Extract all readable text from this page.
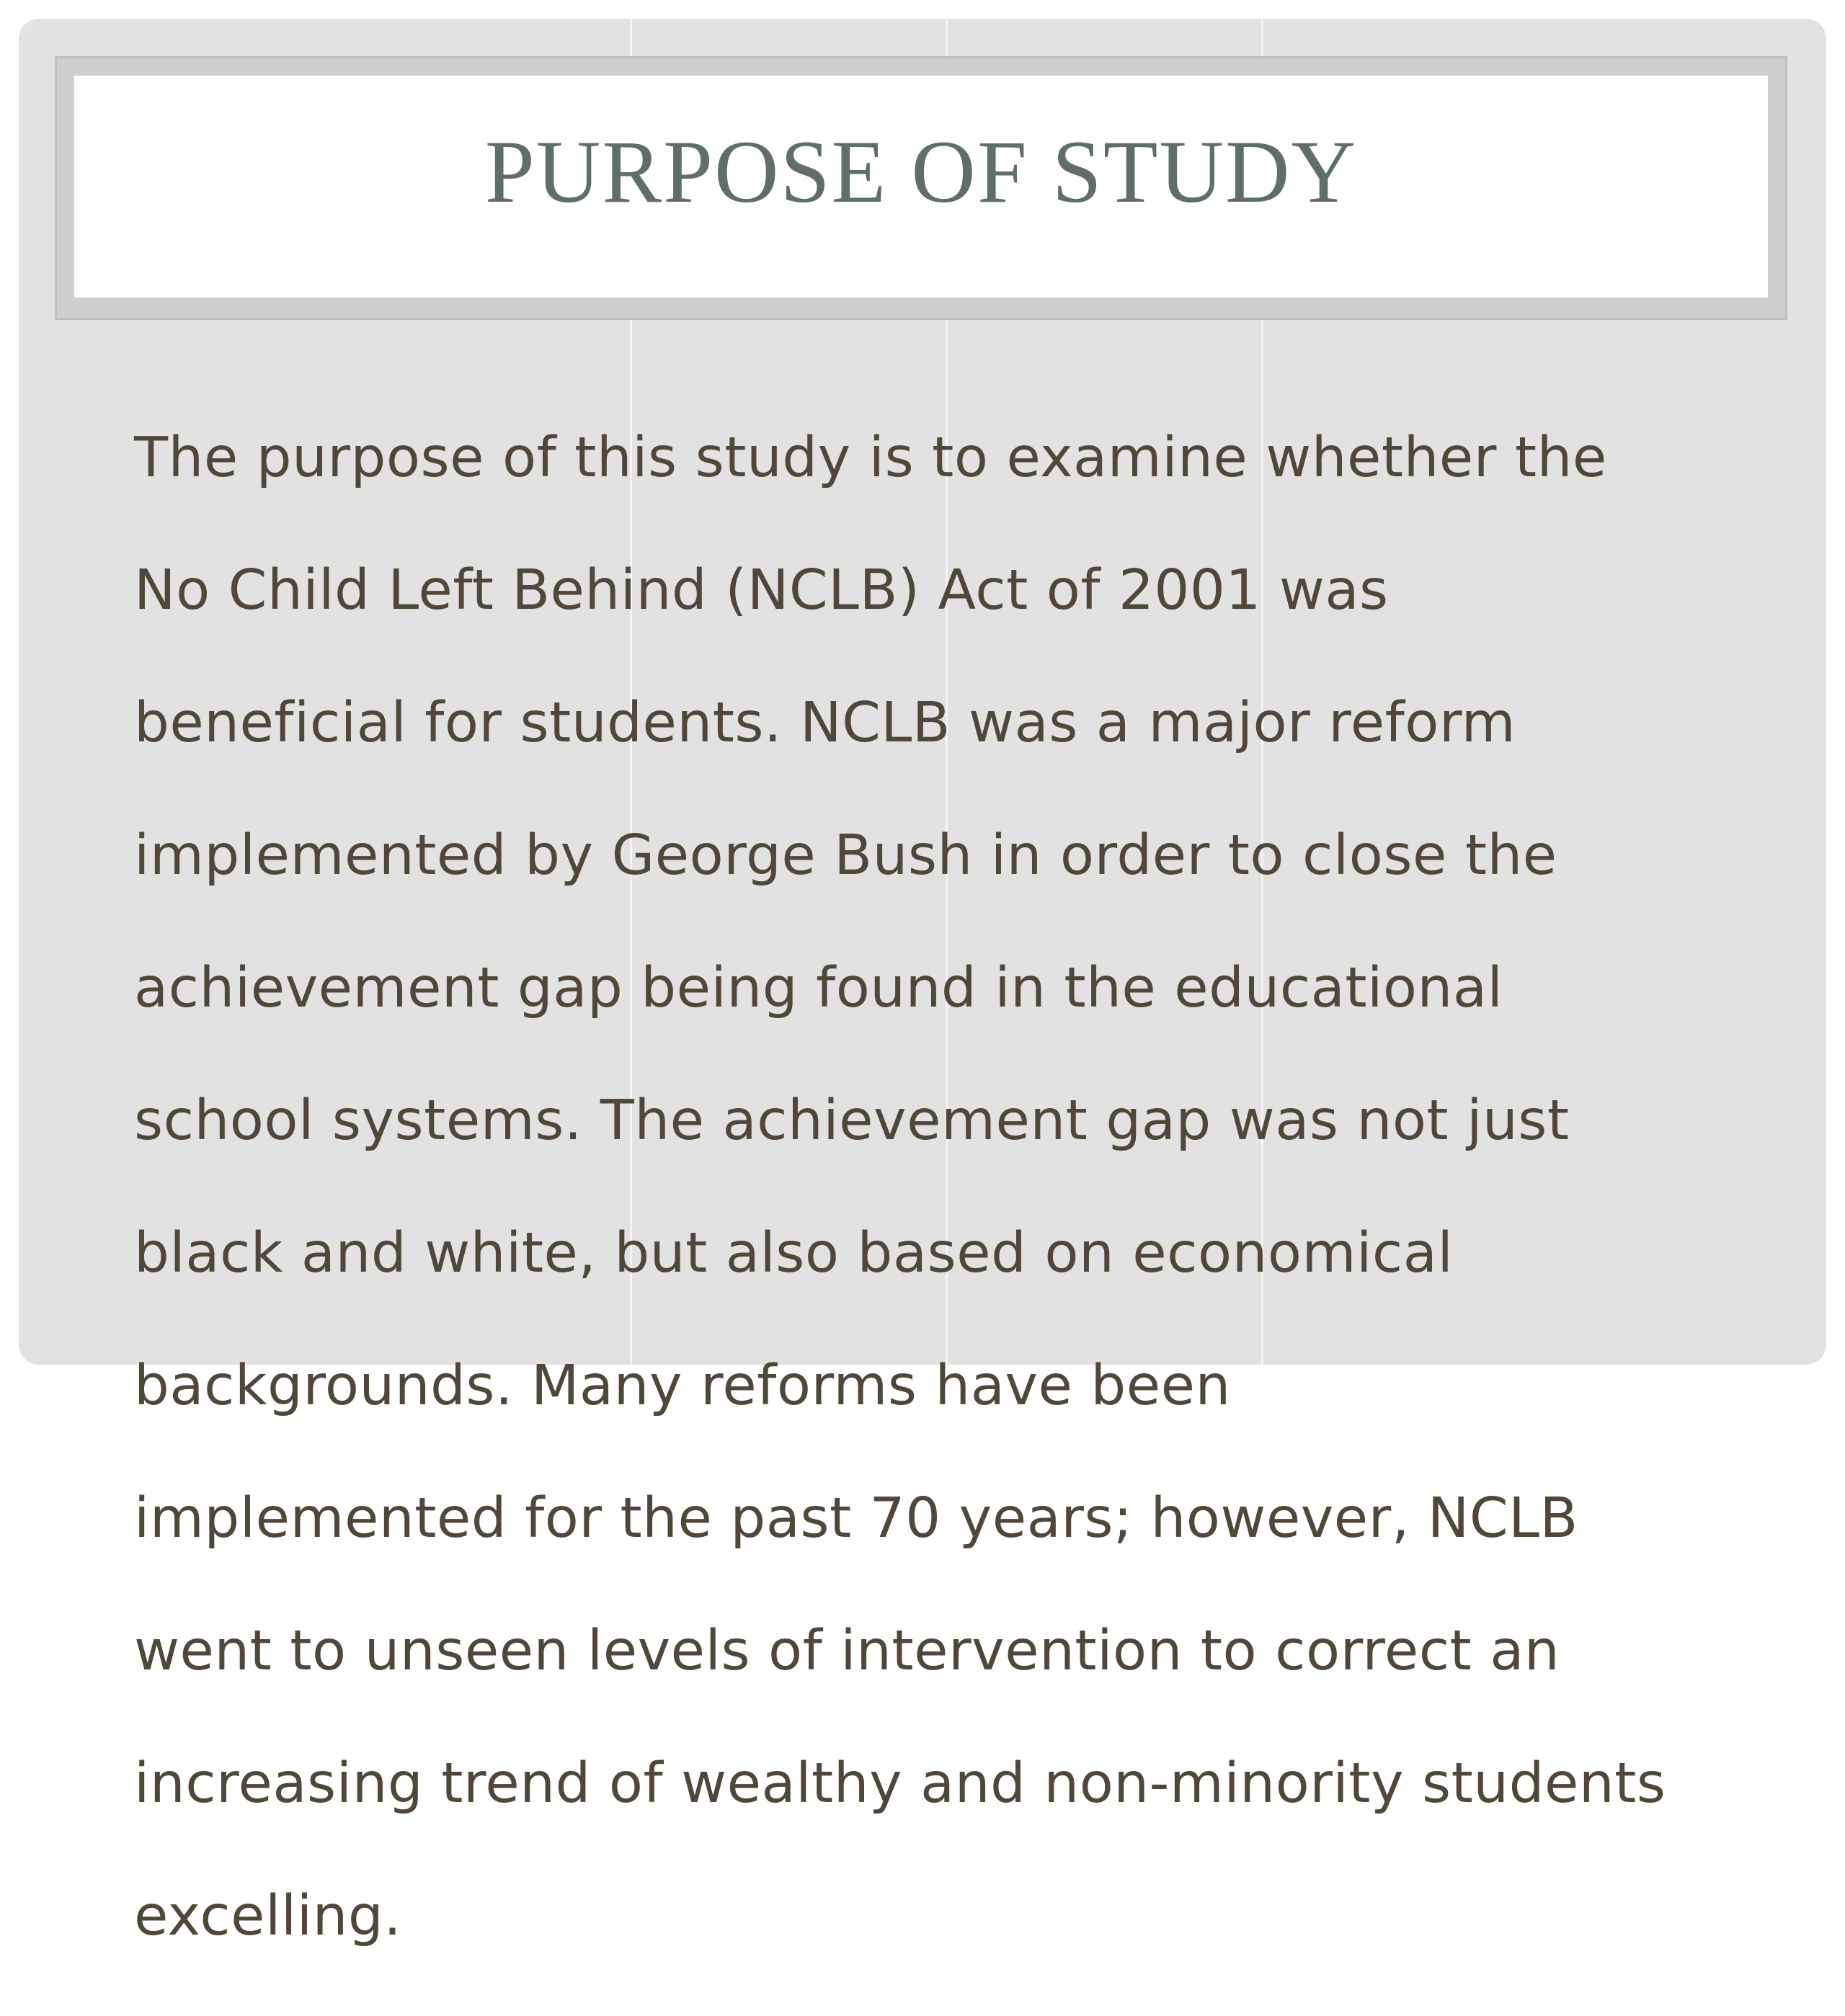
PURPOSE OF STUDY

The purpose of this study is to examine whether the

No Child Left Behind (NCLB) Act of 2001 was

beneficial for students. NCLB was a major reform

implemented by George Bush in order to close the

achievement gap being found in the educational

school systems. The achievement gap was not just

black and white, but also based on economical

backgrounds. Many reforms have been

implemented for the past 70 years; however, NCLB

went to unseen levels of intervention to correct an

increasing trend of wealthy and non-minority students

excelling.
